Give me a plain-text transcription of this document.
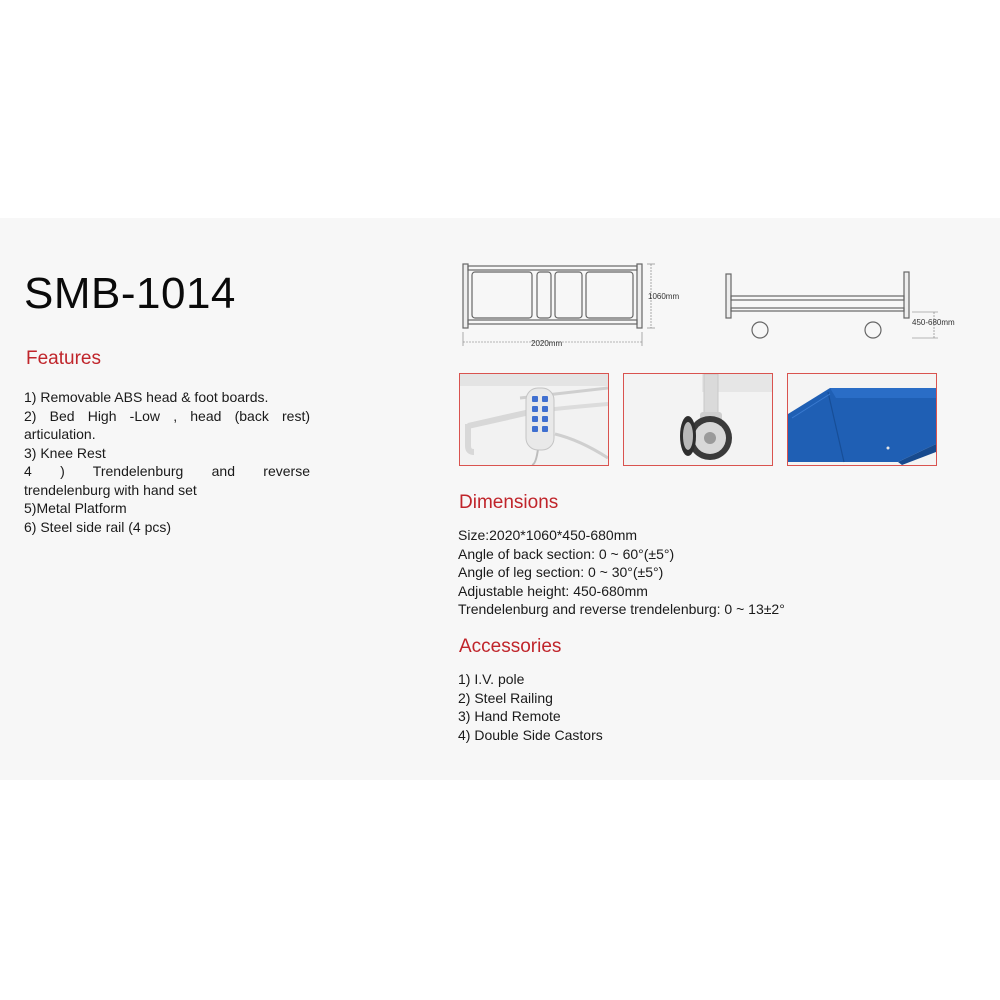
SMB-1014
Features
1) Removable ABS head & foot boards.
2) Bed High -Low , head (back rest)
articulation.
3) Knee Rest
4 ) Trendelenburg and reverse
trendelenburg with hand set
5)Metal Platform
6) Steel side rail (4 pcs)
2020mm
1060mm
450-680mm
Dimensions
Size:2020*1060*450-680mm
Angle of back section: 0 ~ 60°(±5°)
Angle of leg section: 0 ~ 30°(±5°)
Adjustable height: 450-680mm
Trendelenburg and reverse trendelenburg: 0 ~ 13±2°
Accessories
1) I.V. pole
2) Steel Railing
3) Hand Remote
4) Double Side Castors
